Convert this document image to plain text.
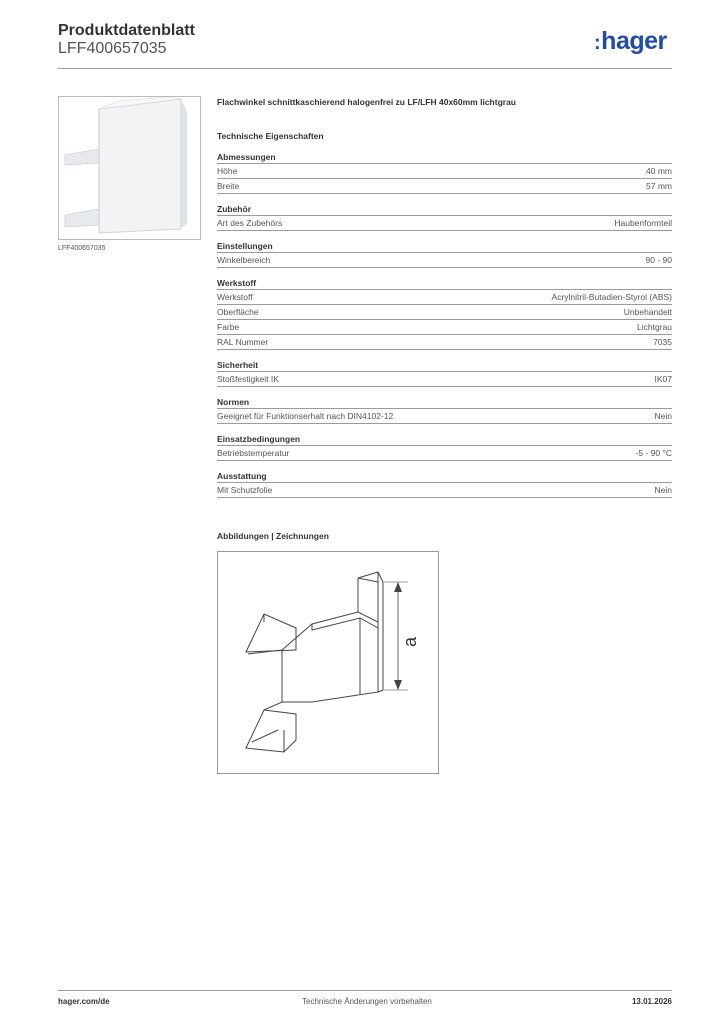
Produktdatenblatt
LFF400657035	:hager
LFF400657035
Flachwinkel schnittkaschierend halogenfrei zu LF/LFH 40x60mm lichtgrau
Technische Eigenschaften
Abmessungen
Höhe	40 mm
Breite	57 mm
Zubehör
Art des Zubehörs	Haubenformteil
Einstellungen
Winkelbereich	90 - 90
Werkstoff
Werkstoff	Acrylnitril-Butadien-Styrol (ABS)
Oberfläche	Unbehandelt
Farbe	Lichtgrau
RAL Nummer	7035
Sicherheit
Stoßfestigkeit IK	IK07
Normen
Geeignet für Funktionserhalt nach DIN4102-12	Nein
Einsatzbedingungen
Betriebstemperatur	-5 - 90 °C
Ausstattung
Mit Schutzfolie	Nein
Abbildungen | Zeichnungen
a
hager.com/de	Technische Änderungen vorbehalten	13.01.2026
